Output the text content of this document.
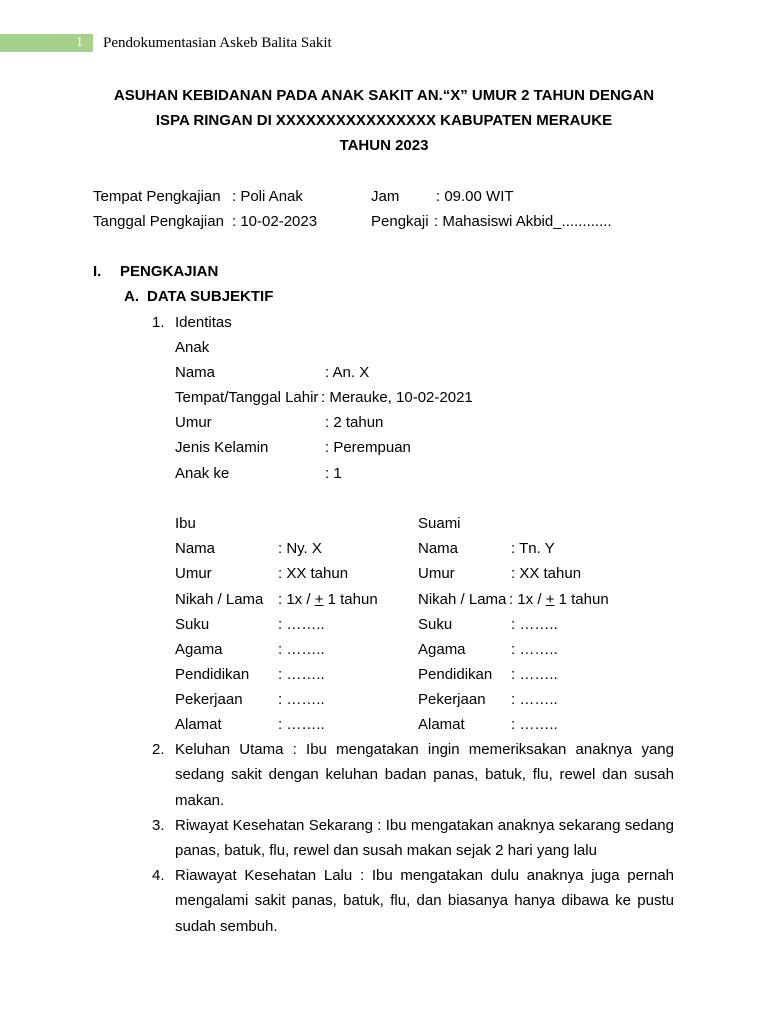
1 Pendokumentasian Askeb Balita Sakit
ASUHAN KEBIDANAN PADA ANAK SAKIT AN.“X” UMUR 2 TAHUN DENGAN
ISPA RINGAN DI XXXXXXXXXXXXXXXX KABUPATEN MERAUKE
TAHUN 2023
Tempat Pengkajian : Poli Anak	Jam : 09.00 WIT
Tanggal Pengkajian : 10-02-2023	Pengkaji : Mahasiswi Akbid_............
I. PENGKAJIAN
A. DATA SUBJEKTIF
1. Identitas
Anak
Nama	: An. X
Tempat/Tanggal Lahir : Merauke, 10-02-2021
Umur	: 2 tahun
Jenis Kelamin	: Perempuan
Anak ke	: 1
Ibu	Suami
Nama	: Ny. X	Nama	: Tn. Y
Umur	: XX tahun	Umur	: XX tahun
Nikah / Lama : 1x / + 1 tahun	Nikah / Lama : 1x / + 1 tahun
Suku	: ……..	Suku	: ……..
Agama	: ……..	Agama	: ……..
Pendidikan : ……..	Pendidikan : ……..
Pekerjaan : ……..	Pekerjaan : ……..
Alamat	: ……..	Alamat	: ……..
2. Keluhan Utama : Ibu mengatakan ingin memeriksakan anaknya yang sedang sakit dengan keluhan badan panas, batuk, flu, rewel dan susah makan.
3. Riwayat Kesehatan Sekarang : Ibu mengatakan anaknya sekarang sedang panas, batuk, flu, rewel dan susah makan sejak 2 hari yang lalu
4. Riawayat Kesehatan Lalu : Ibu mengatakan dulu anaknya juga pernah mengalami sakit panas, batuk, flu, dan biasanya hanya dibawa ke pustu sudah sembuh.
